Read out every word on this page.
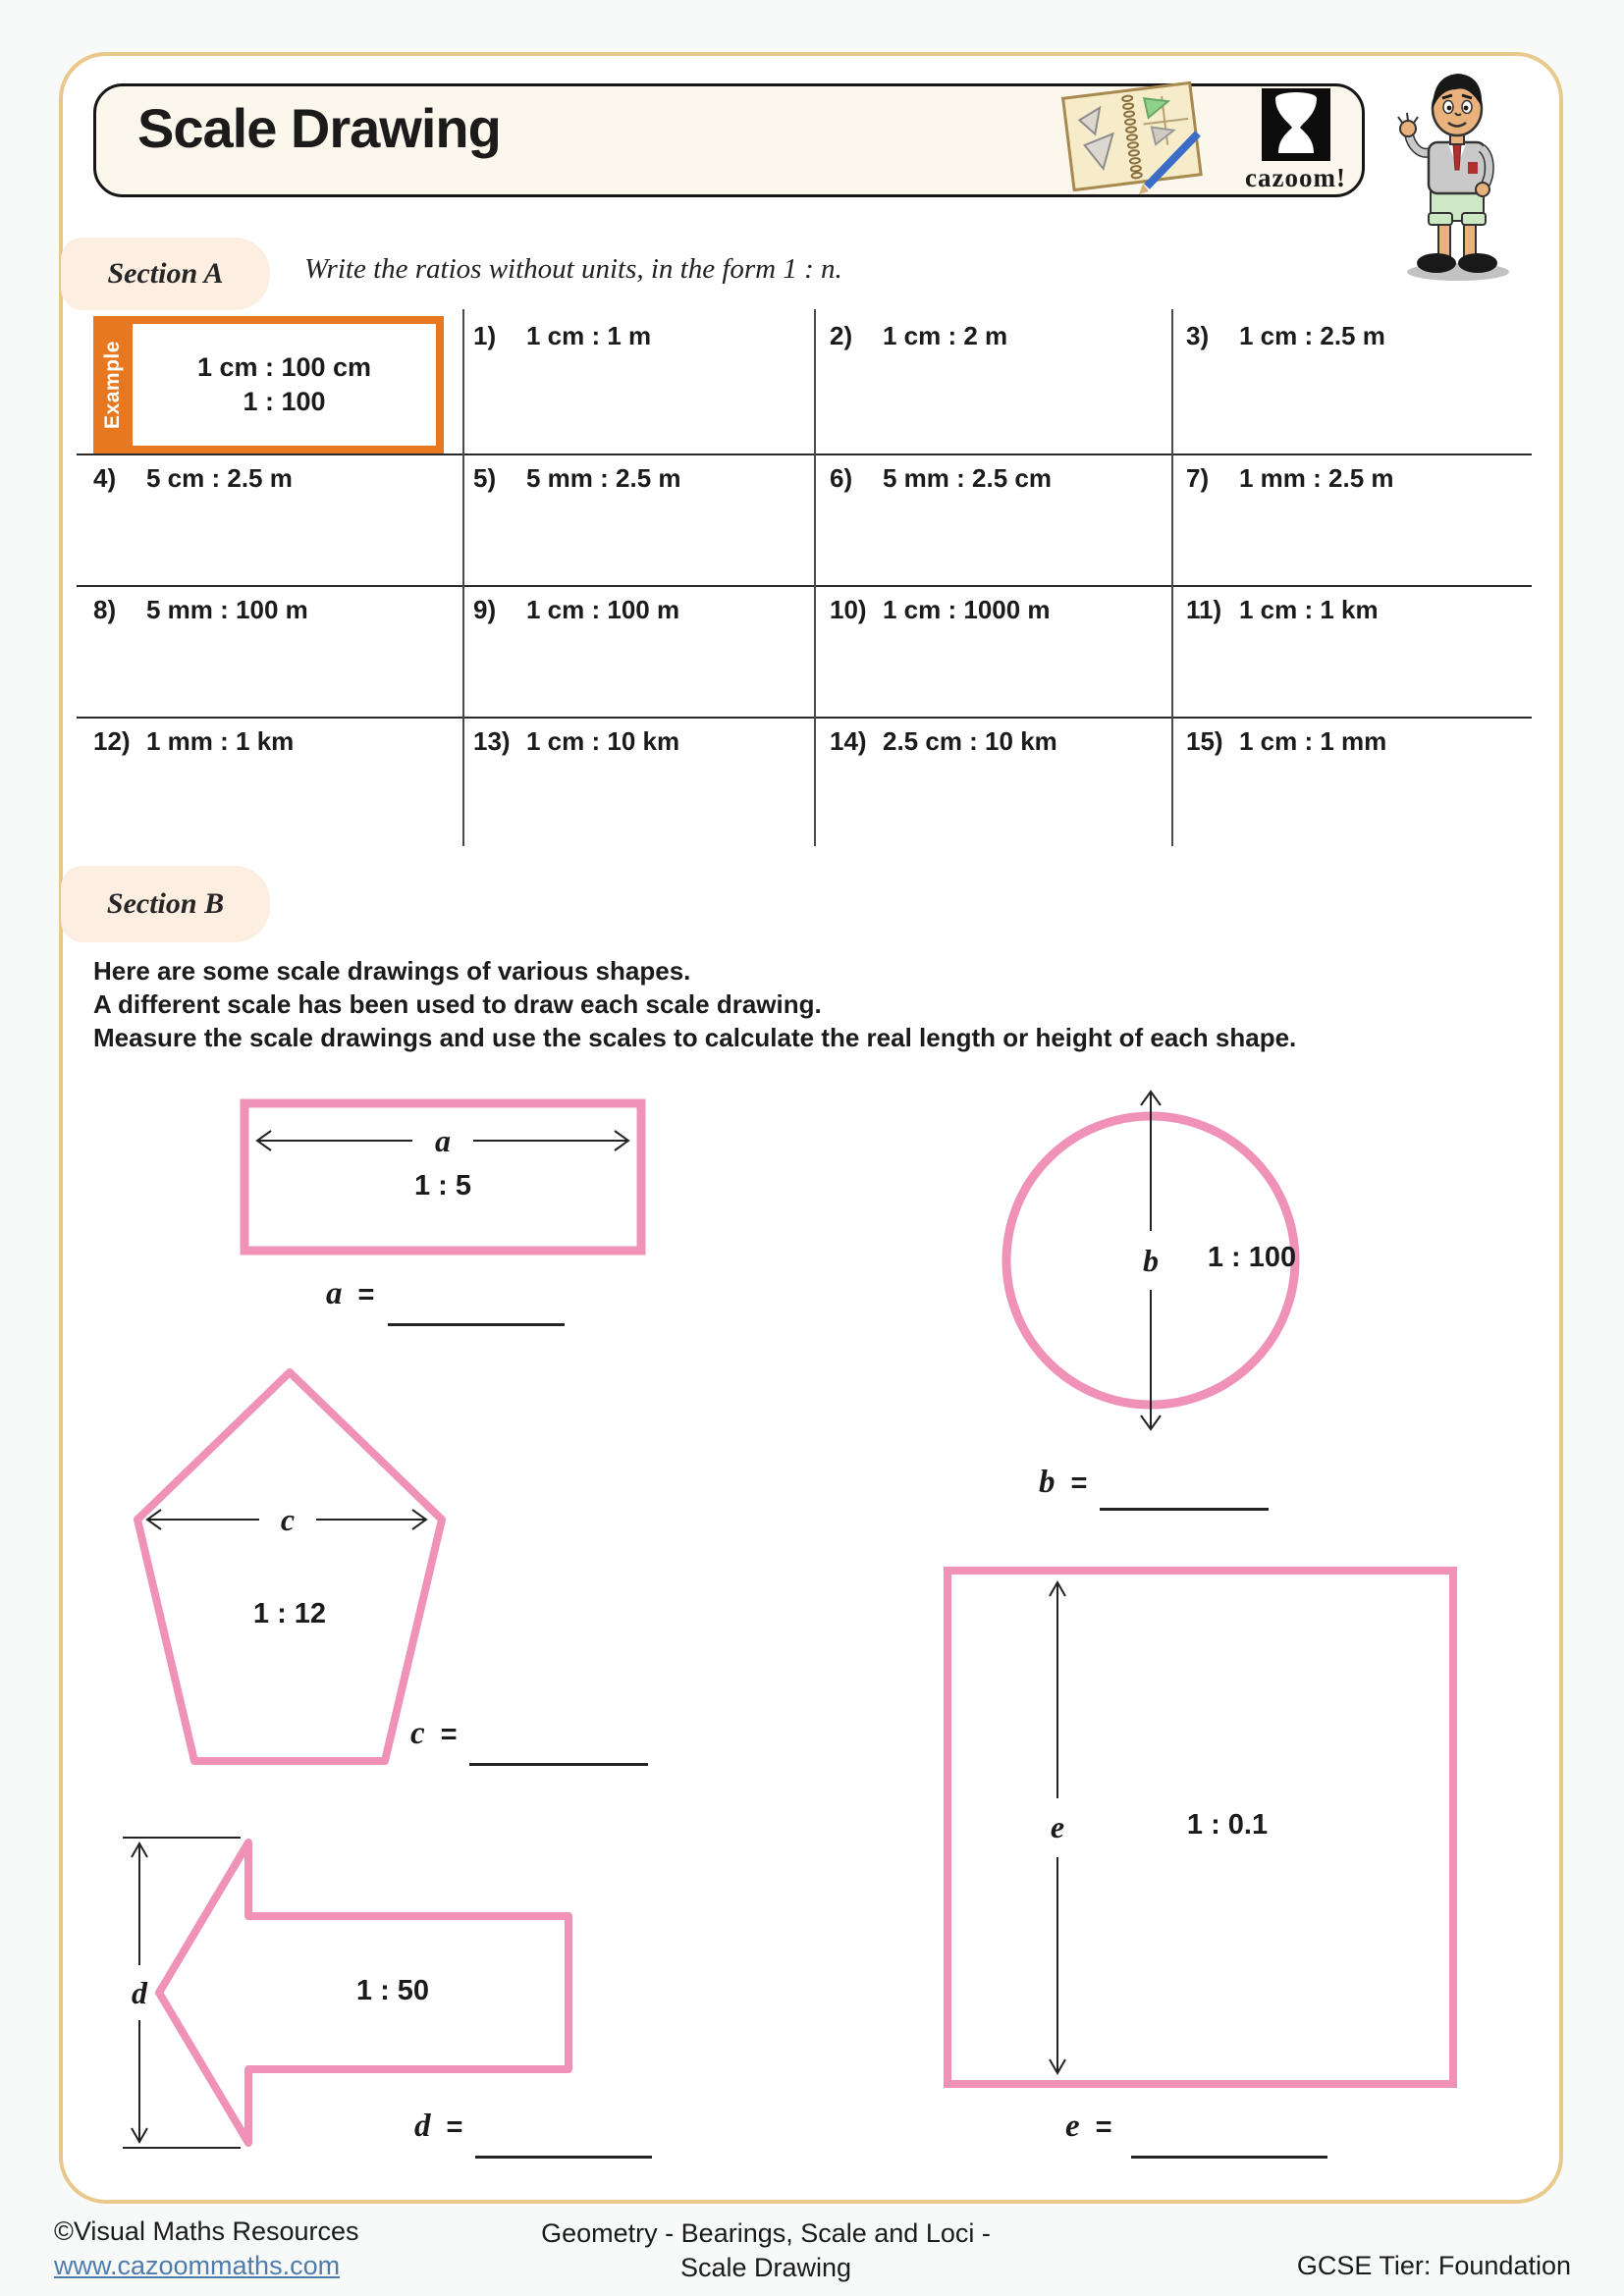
Scale Drawing
cazoom!
Section A	Write the ratios without units, in the form 1 : n.
Example	1 cm : 100 cm
1 : 100
1)	1 cm : 1 m	2)	1 cm : 2 m	3)	1 cm : 2.5 m
4)	5 cm : 2.5 m	5)	5 mm : 2.5 m	6)	5 mm : 2.5 cm	7)	1 mm : 2.5 m
8)	5 mm : 100 m	9)	1 cm : 100 m	10) 1 cm : 1000 m	11) 1 cm : 1 km
12) 1 mm : 1 km	13) 1 cm : 10 km	14) 2.5 cm : 10 km	15) 1 cm : 1 mm
Section B
Here are some scale drawings of various shapes.
A different scale has been used to draw each scale drawing.
Measure the scale drawings and use the scales to calculate the real length or height of each shape.
a
1 : 5
b	1 : 100
c
1 : 12
d	1 : 50
e	1 : 0.1
a =
b =
c =
d =	e =
©Visual Maths Resources
www.cazoommaths.com
Geometry - Bearings, Scale and Loci -
Scale Drawing	GCSE Tier: Foundation
